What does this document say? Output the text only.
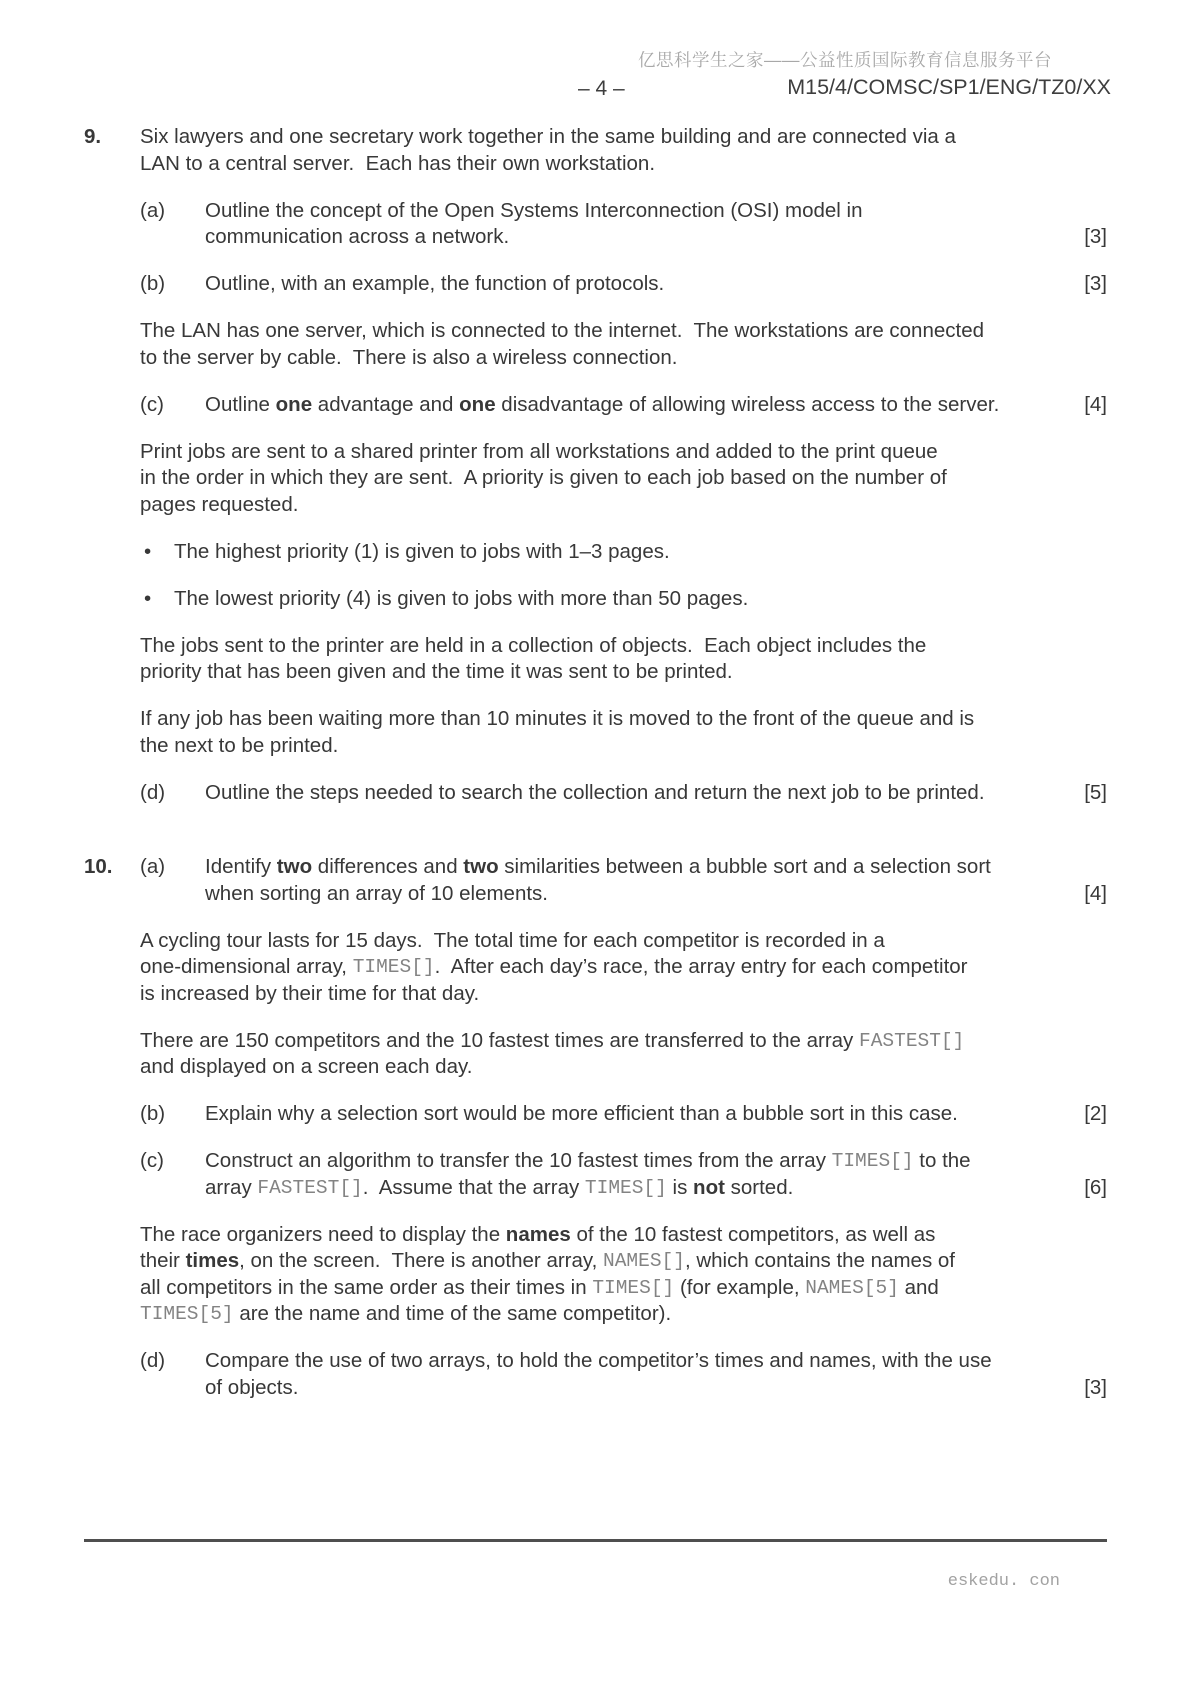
亿思科学生之家——公益性质国际教育信息服务平台
– 4 –	M15/4/COMSC/SP1/ENG/TZ0/XX
9.	Six lawyers and one secretary work together in the same building and are connected via a
LAN to a central server.  Each has their own workstation.

(a)	Outline the concept of the Open Systems Interconnection (OSI) model in
communication across a network.	[3]

(b)	Outline, with an example, the function of protocols.	[3]

The LAN has one server, which is connected to the internet.  The workstations are connected
to the server by cable.  There is also a wireless connection.

(c)	Outline one advantage and one disadvantage of allowing wireless access to the server.	[4]

Print jobs are sent to a shared printer from all workstations and added to the print queue
in the order in which they are sent.  A priority is given to each job based on the number of
pages requested.

•	The highest priority (1) is given to jobs with 1–3 pages.

•	The lowest priority (4) is given to jobs with more than 50 pages.

The jobs sent to the printer are held in a collection of objects.  Each object includes the
priority that has been given and the time it was sent to be printed.

If any job has been waiting more than 10 minutes it is moved to the front of the queue and is
the next to be printed.

(d)	Outline the steps needed to search the collection and return the next job to be printed.	[5]
10.	(a)	Identify two differences and two similarities between a bubble sort and a selection sort
when sorting an array of 10 elements.	[4]

A cycling tour lasts for 15 days.  The total time for each competitor is recorded in a
one-dimensional array, TIMES[] .  After each day’s race, the array entry for each competitor
is increased by their time for that day.

There are 150 competitors and the 10 fastest times are transferred to the array FASTEST[]
and displayed on a screen each day.

(b)	Explain why a selection sort would be more efficient than a bubble sort in this case.	[2]

(c)	Construct an algorithm to transfer the 10 fastest times from the array TIMES[] to the
array FASTEST[] .  Assume that the array TIMES[] is not sorted.	[6]

The race organizers need to display the names of the 10 fastest competitors, as well as
their times , on the screen.  There is another array, NAMES[] , which contains the names of
all competitors in the same order as their times in TIMES[] (for example, NAMES[5] and
TIMES[5] are the name and time of the same competitor).

(d)	Compare the use of two arrays, to hold the competitor’s times and names, with the use
of objects.	[3]
eskedu. con
